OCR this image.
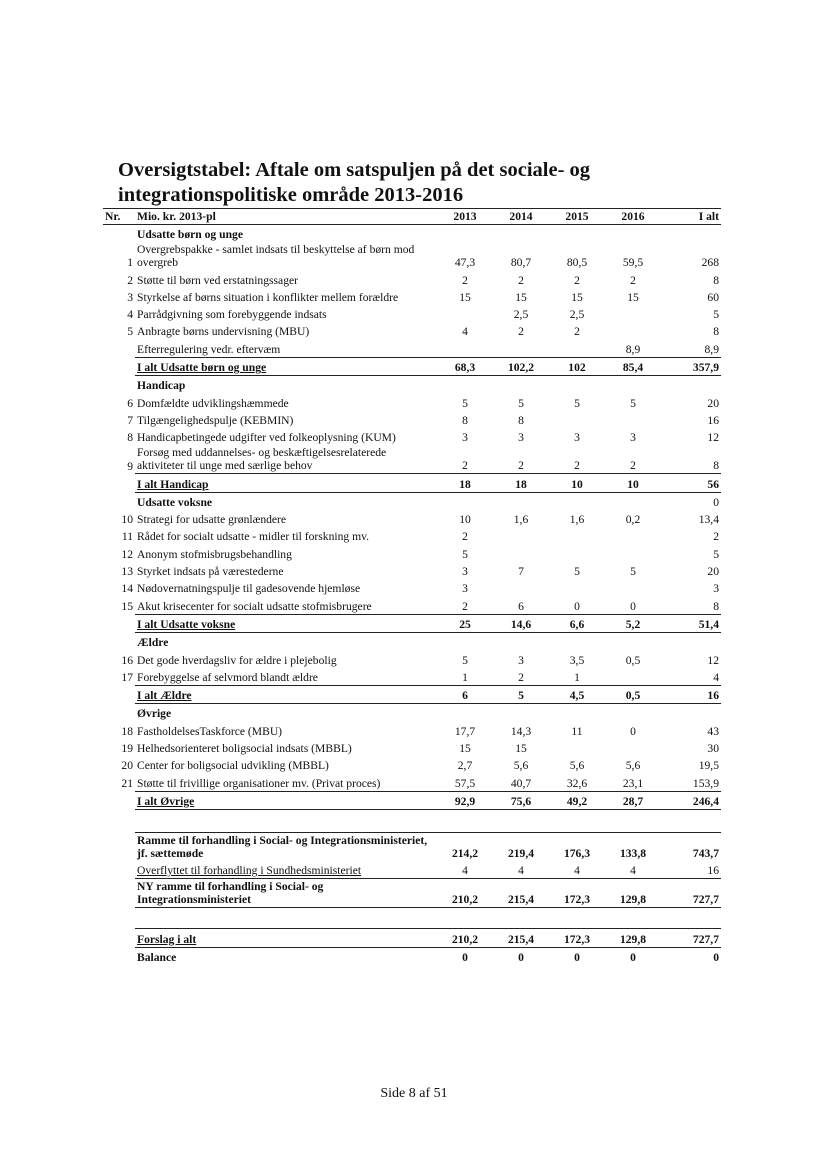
Oversigtstabel: Aftale om satspuljen på det sociale- og integrationspolitiske område 2013-2016
Nr.	Mio. kr. 2013-pl	2013	2014	2015	2016	I alt
	Udsatte børn og unge					
1	Overgrebspakke - samlet indsats til beskyttelse af børn mod overgreb	47,3	80,7	80,5	59,5	268
2	Støtte til børn ved erstatningssager	2	2	2	2	8
3	Styrkelse af børns situation i konflikter mellem forældre	15	15	15	15	60
4	Parrådgivning som forebyggende indsats		2,5	2,5		5
5	Anbragte børns undervisning (MBU)	4	2	2		8
	Efterregulering vedr. eftervæm				8,9	8,9
	I alt Udsatte børn og unge	68,3	102,2	102	85,4	357,9
	Handicap					
6	Domfældte udviklingshæmmede	5	5	5	5	20
7	Tilgængelighedspulje (KEBMIN)	8	8			16
8	Handicapbetingede udgifter ved folkeoplysning (KUM)	3	3	3	3	12
9	Forsøg med uddannelses- og beskæftigelsesrelaterede aktiviteter til unge med særlige behov	2	2	2	2	8
	I alt Handicap	18	18	10	10	56
	Udsatte voksne					0
10	Strategi for udsatte grønlændere	10	1,6	1,6	0,2	13,4
11	Rådet for socialt udsatte - midler til forskning mv.	2				2
12	Anonym stofmisbrugsbehandling	5				5
13	Styrket indsats på væresteder​ne	3	7	5	5	20
14	Nødovernatningspulje til gadesovende hjemløse	3				3
15	Akut krisecenter for socialt udsatte stofmisbrugere	2	6	0	0	8
	I alt Udsatte voksne	25	14,6	6,6	5,2	51,4
	Ældre					
16	Det gode hverdagsliv for ældre i plejebolig	5	3	3,5	0,5	12
17	Forebyggelse af selvmord blandt ældre	1	2	1		4
	I alt Ældre	6	5	4,5	0,5	16
	Øvrige					
18	FastholdelsesTaskforce (MBU)	17,7	14,3	11	0	43
19	Helhedsorienteret boligsocial indsats (MBBL)	15	15			30
20	Center for boligsocial udvikling (MBBL)	2,7	5,6	5,6	5,6	19,5
21	Støtte til frivillige organisationer mv. (Privat proces)	57,5	40,7	32,6	23,1	153,9
	I alt Øvrige	92,9	75,6	49,2	28,7	246,4

	Ramme til forhandling i Social- og Integrationsministeriet, jf. sættemøde	214,2	219,4	176,3	133,8	743,7
	Overflyttet til forhandling i Sundhedsministeriet	4	4	4	4	16
	NY ramme til forhandling i Social- og Integrationsministeriet	210,2	215,4	172,3	129,8	727,7

	Forslag i alt	210,2	215,4	172,3	129,8	727,7
	Balance	0	0	0	0	0
Side 8 af 51
